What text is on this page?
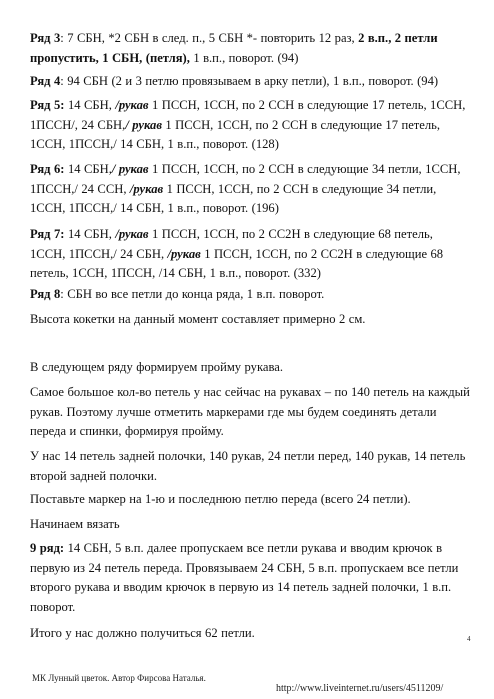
Ряд 3: 7 СБН, *2 СБН в след. п., 5 СБН *- повторить 12 раз, 2 в.п., 2 петли пропустить, 1 СБН, (петля), 1 в.п., поворот. (94)

Ряд 4: 94 СБН (2 и 3 петлю провязываем в арку петли), 1 в.п., поворот. (94)

Ряд 5: 14 СБН, /рукав 1 ПССН, 1ССН, по 2 ССН в следующие 17 петель, 1ССН, 1ПССН/, 24 СБН,/ рукав 1 ПССН, 1ССН, по 2 ССН в следующие 17 петель, 1ССН, 1ПССН,/ 14 СБН, 1 в.п., поворот. (128)

Ряд 6: 14 СБН,/ рукав 1 ПССН, 1ССН, по 2 ССН в следующие 34 петли, 1ССН, 1ПССН,/ 24 ССН, /рукав 1 ПССН, 1ССН, по 2 ССН в следующие 34 петли, 1ССН, 1ПССН,/ 14 СБН, 1 в.п., поворот. (196)

Ряд 7: 14 СБН, /рукав 1 ПССН, 1ССН, по 2 СС2Н в следующие 68 петель, 1ССН, 1ПССН,/ 24 СБН, /рукав 1 ПССН, 1ССН, по 2 СС2Н в следующие 68 петель, 1ССН, 1ПССН, /14 СБН, 1 в.п., поворот. (332)

Ряд 8: СБН во все петли до конца ряда, 1 в.п. поворот.

Высота кокетки на данный момент составляет примерно 2 см.

В следующем ряду формируем пройму рукава.

Самое большое кол-во петель у нас сейчас на рукавах – по 140 петель на каждый рукав. Поэтому лучше отметить маркерами где мы будем соединять детали переда и спинки, формируя пройму.

У нас 14 петель задней полочки, 140 рукав, 24 петли перед, 140 рукав, 14 петель второй задней полочки.

Поставьте маркер на 1-ю и последнюю петлю переда (всего 24 петли).

Начинаем вязать

9 ряд: 14 СБН, 5 в.п. далее пропускаем все петли рукава и вводим крючок в первую из 24 петель переда. Провязываем 24 СБН, 5 в.п. пропускаем все петли второго рукава и вводим крючок в первую из 14 петель задней полочки, 1 в.п. поворот.

Итого у нас должно получиться 62 петли.	4
МК Лунный цветок. Автор Фирсова Наталья.
http://www.liveinternet.ru/users/4511209/
